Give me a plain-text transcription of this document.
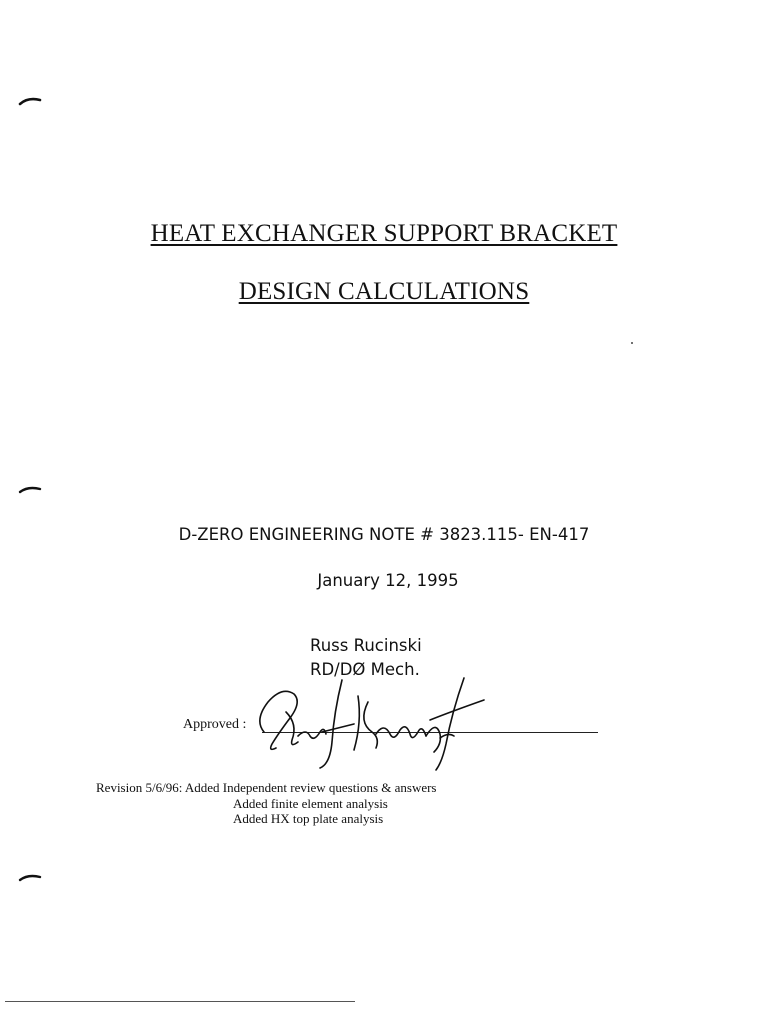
HEAT EXCHANGER SUPPORT BRACKET
DESIGN CALCULATIONS
D-ZERO ENGINEERING NOTE # 3823.115- EN-417
January 12, 1995
Russ Rucinski
RD/DØ Mech.
Approved :
Revision 5/6/96: Added Independent review questions & answers
Added finite element analysis
Added HX top plate analysis
